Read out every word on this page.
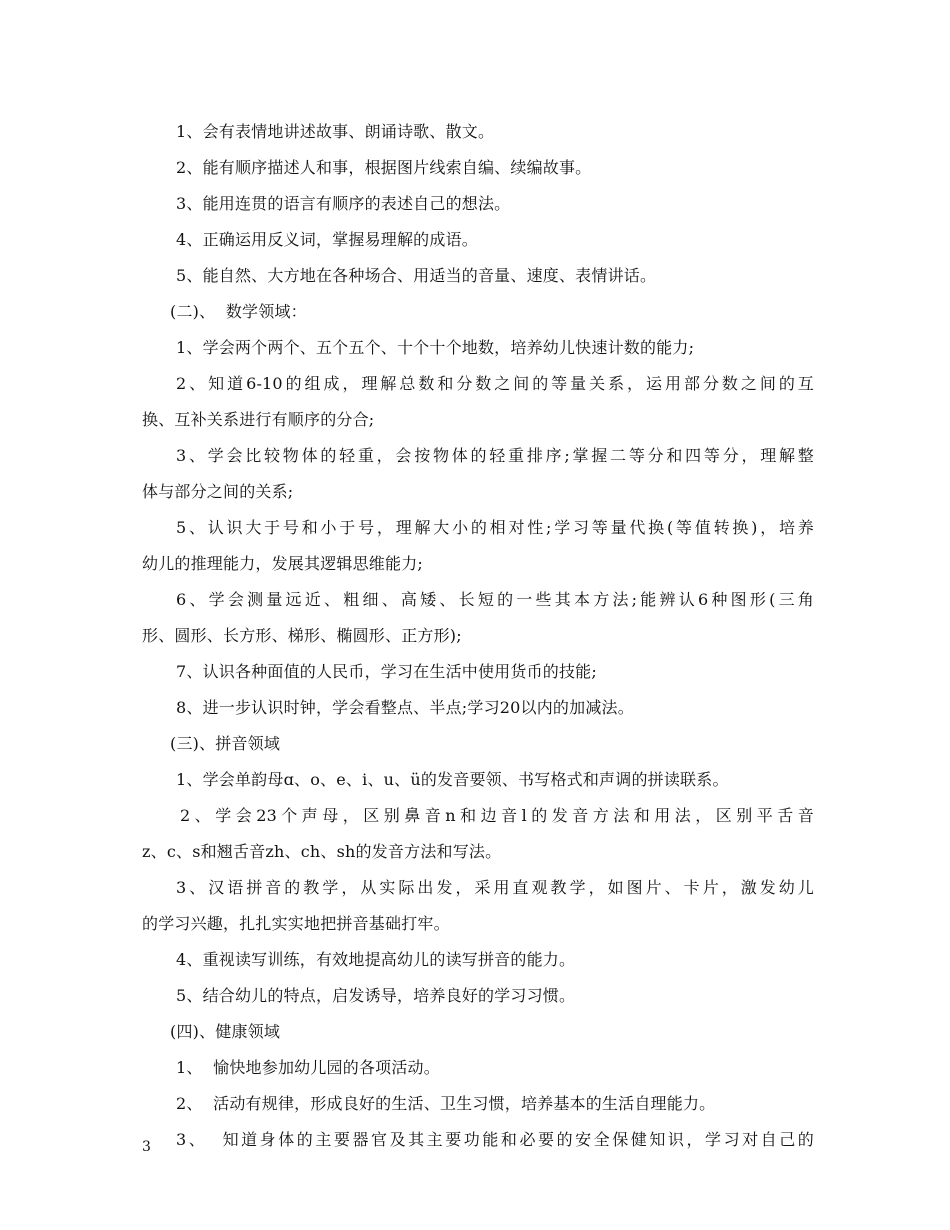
1、会有表情地讲述故事、朗诵诗歌、散文。
2、能有顺序描述人和事，根据图片线索自编、续编故事。
3、能用连贯的语言有顺序的表述自己的想法。
4、正确运用反义词，掌握易理解的成语。
5、能自然、大方地在各种场合、用适当的音量、速度、表情讲话。
(二)、  数学领域：
1、学会两个两个、五个五个、十个十个地数，培养幼儿快速计数的能力;
2、知道6-10的组成，理解总数和分数之间的等量关系，运用部分数之间的互
换、互补关系进行有顺序的分合;
3、学会比较物体的轻重，会按物体的轻重排序;掌握二等分和四等分，理解整
体与部分之间的关系;
5、认识大于号和小于号，理解大小的相对性;学习等量代换(等值转换)，培养
幼儿的推理能力，发展其逻辑思维能力;
6、学会测量远近、粗细、高矮、长短的一些其本方法;能辨认6种图形(三角
形、圆形、长方形、梯形、椭圆形、正方形);
7、认识各种面值的人民币，学习在生活中使用货币的技能;
8、进一步认识时钟，学会看整点、半点;学习20以内的加减法。
(三)、拼音领域
1、学会单韵母ɑ、o、e、i、u、ü的发音要领、书写格式和声调的拼读联系。
2、学会23个声母，区别鼻音n和边音l的发音方法和用法，区别平舌音
z、c、s和翘舌音zh、ch、sh的发音方法和写法。
3、汉语拼音的教学，从实际出发，采用直观教学，如图片、卡片，激发幼儿
的学习兴趣，扎扎实实地把拼音基础打牢。
4、重视读写训练，有效地提高幼儿的读写拼音的能力。
5、结合幼儿的特点，启发诱导，培养良好的学习习惯。
(四)、健康领域
1、  愉快地参加幼儿园的各项活动。
2、  活动有规律，形成良好的生活、卫生习惯，培养基本的生活自理能力。
3、  知道身体的主要器官及其主要功能和必要的安全保健知识，学习对自己的
3
